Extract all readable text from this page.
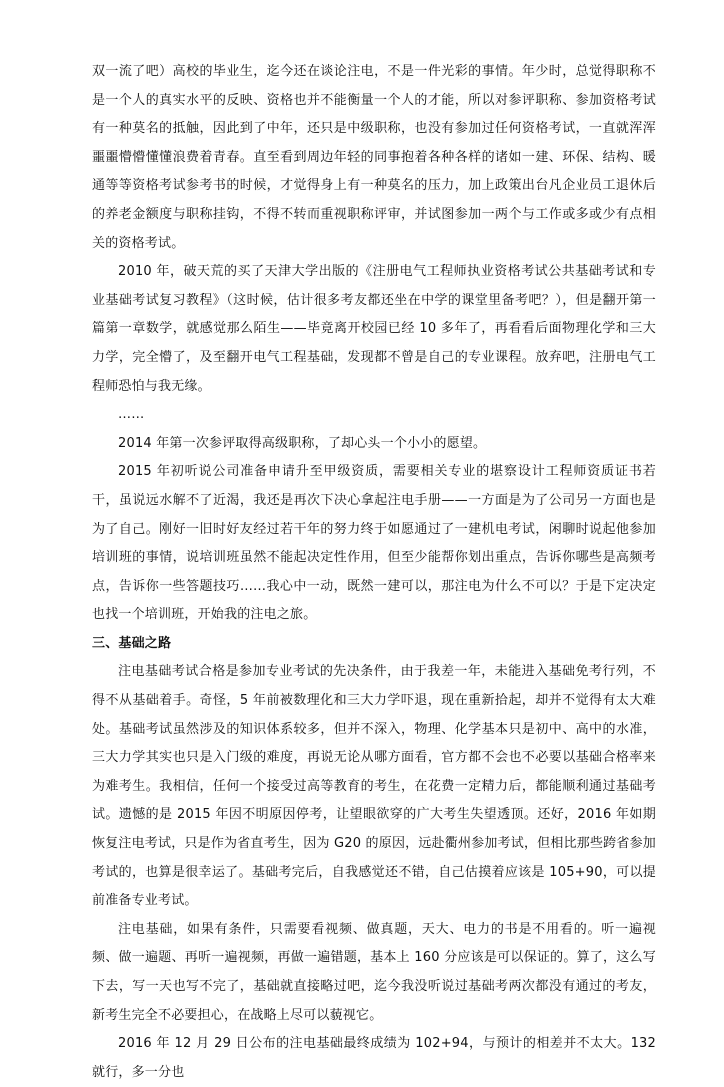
双一流了吧）高校的毕业生，迄今还在谈论注电，不是一件光彩的事情。年少时，总觉得职称不是一个人的真实水平的反映、资格也并不能衡量一个人的才能，所以对参评职称、参加资格考试有一种莫名的抵触，因此到了中年，还只是中级职称，也没有参加过任何资格考试，一直就浑浑噩噩懵懵懂懂浪费着青春。直至看到周边年轻的同事抱着各种各样的诸如一建、环保、结构、暖通等等资格考试参考书的时候，才觉得身上有一种莫名的压力，加上政策出台凡企业员工退休后的养老金额度与职称挂钩，不得不转而重视职称评审，并试图参加一两个与工作或多或少有点相关的资格考试。

2010 年，破天荒的买了天津大学出版的《注册电气工程师执业资格考试公共基础考试和专业基础考试复习教程》（这时候，估计很多考友都还坐在中学的课堂里备考吧？），但是翻开第一篇第一章数学，就感觉那么陌生——毕竟离开校园已经 10 多年了，再看看后面物理化学和三大力学，完全懵了，及至翻开电气工程基础，发现都不曾是自己的专业课程。放弃吧，注册电气工程师恐怕与我无缘。

……

2014 年第一次参评取得高级职称，了却心头一个小小的愿望。

2015 年初听说公司准备申请升至甲级资质，需要相关专业的堪察设计工程师资质证书若干，虽说远水解不了近渴，我还是再次下决心拿起注电手册——一方面是为了公司另一方面也是为了自己。刚好一旧时好友经过若干年的努力终于如愿通过了一建机电考试，闲聊时说起他参加培训班的事情，说培训班虽然不能起决定性作用，但至少能帮你划出重点，告诉你哪些是高频考点，告诉你一些答题技巧……我心中一动，既然一建可以，那注电为什么不可以？于是下定决定也找一个培训班，开始我的注电之旅。

三、基础之路

注电基础考试合格是参加专业考试的先决条件，由于我差一年，未能进入基础免考行列，不得不从基础着手。奇怪，5 年前被数理化和三大力学吓退，现在重新拾起，却并不觉得有太大难处。基础考试虽然涉及的知识体系较多，但并不深入，物理、化学基本只是初中、高中的水准，三大力学其实也只是入门级的难度，再说无论从哪方面看，官方都不会也不必要以基础合格率来为难考生。我相信，任何一个接受过高等教育的考生，在花费一定精力后，都能顺利通过基础考试。遗憾的是 2015 年因不明原因停考，让望眼欲穿的广大考生失望透顶。还好，2016 年如期恢复注电考试，只是作为省直考生，因为 G20 的原因，远赴衢州参加考试，但相比那些跨省参加考试的，也算是很幸运了。基础考完后，自我感觉还不错，自己估摸着应该是 105+90，可以提前准备专业考试。

注电基础，如果有条件，只需要看视频、做真题，天大、电力的书是不用看的。听一遍视频、做一遍题、再听一遍视频，再做一遍错题，基本上 160 分应该是可以保证的。算了，这么写下去，写一天也写不完了，基础就直接略过吧，迄今我没听说过基础考两次都没有通过的考友，新考生完全不必要担心，在战略上尽可以藐视它。

2016 年 12 月 29 日公布的注电基础最终成绩为 102+94，与预计的相差并不太大。132 就行，多一分也
